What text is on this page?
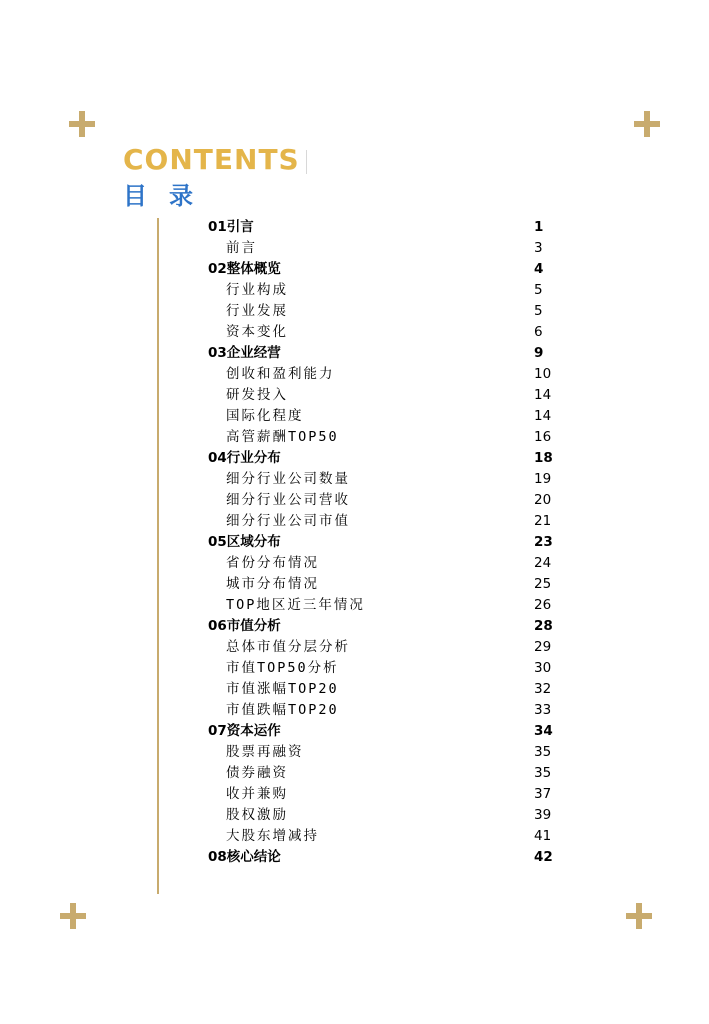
CONTENTS
目录
01引言	1
前言	3
02整体概览	4
行业构成	5
行业发展	5
资本变化	6
03企业经营	9
创收和盈利能力	10
研发投入	14
国际化程度	14
高管薪酬TOP50	16
04行业分布	18
细分行业公司数量	19
细分行业公司营收	20
细分行业公司市值	21
05区域分布	23
省份分布情况	24
城市分布情况	25
TOP地区近三年情况	26
06市值分析	28
总体市值分层分析	29
市值TOP50分析	30
市值涨幅TOP20	32
市值跌幅TOP20	33
07资本运作	34
股票再融资	35
债券融资	35
收并兼购	37
股权激励	39
大股东增减持	41
08核心结论	42
